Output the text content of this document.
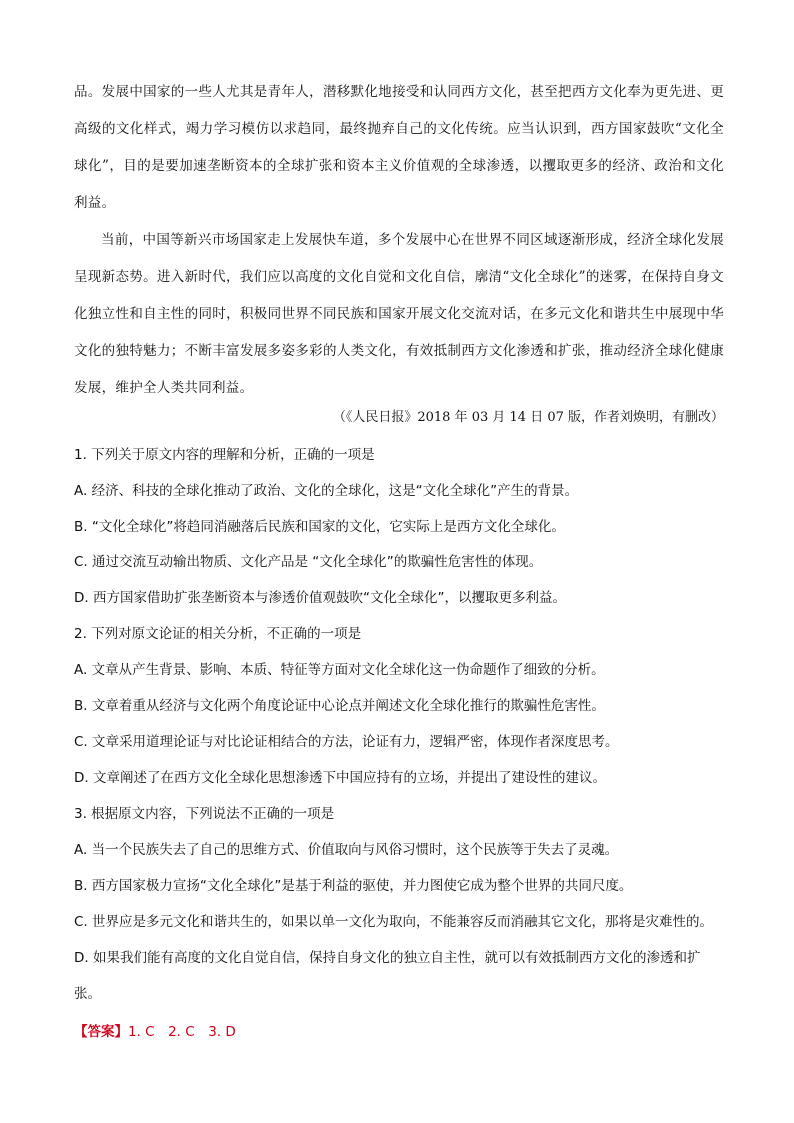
品。发展中国家的一些人尤其是青年人，潜移默化地接受和认同西方文化，甚至把西方文化奉为更先进、更高级的文化样式，竭力学习模仿以求趋同，最终抛弃自己的文化传统。应当认识到，西方国家鼓吹“文化全球化”，目的是要加速垄断资本的全球扩张和资本主义价值观的全球渗透，以攫取更多的经济、政治和文化利益。

当前，中国等新兴市场国家走上发展快车道，多个发展中心在世界不同区域逐渐形成，经济全球化发展呈现新态势。进入新时代，我们应以高度的文化自觉和文化自信，廓清“文化全球化”的迷雾，在保持自身文化独立性和自主性的同时，积极同世界不同民族和国家开展文化交流对话，在多元文化和谐共生中展现中华文化的独特魅力；不断丰富发展多姿多彩的人类文化，有效抵制西方文化渗透和扩张，推动经济全球化健康发展，维护全人类共同利益。

（《人民日报》2018 年 03 月 14 日 07 版，作者刘焕明，有删改）

1. 下列关于原文内容的理解和分析，正确的一项是

A. 经济、科技的全球化推动了政治、文化的全球化，这是“文化全球化”产生的背景。

B. “文化全球化”将趋同消融落后民族和国家的文化，它实际上是西方文化全球化。

C. 通过交流互动输出物质、文化产品是 “文化全球化”的欺骗性危害性的体现。

D. 西方国家借助扩张垄断资本与渗透价值观鼓吹“文化全球化”，以攫取更多利益。

2. 下列对原文论证的相关分析，不正确的一项是

A. 文章从产生背景、影响、本质、特征等方面对文化全球化这一伪命题作了细致的分析。

B. 文章着重从经济与文化两个角度论证中心论点并阐述文化全球化推行的欺骗性危害性。

C. 文章采用道理论证与对比论证相结合的方法，论证有力，逻辑严密，体现作者深度思考。

D. 文章阐述了在西方文化全球化思想渗透下中国应持有的立场，并提出了建设性的建议。

3. 根据原文内容，下列说法不正确的一项是

A. 当一个民族失去了自己的思维方式、价值取向与风俗习惯时，这个民族等于失去了灵魂。

B. 西方国家极力宣扬“文化全球化”是基于利益的驱使，并力图使它成为整个世界的共同尺度。

C. 世界应是多元文化和谐共生的，如果以单一文化为取向，不能兼容反而消融其它文化，那将是灾难性的。

D. 如果我们能有高度的文化自觉自信，保持自身文化的独立自主性，就可以有效抵制西方文化的渗透和扩

张。

【答案】1. C　2. C　3. D
